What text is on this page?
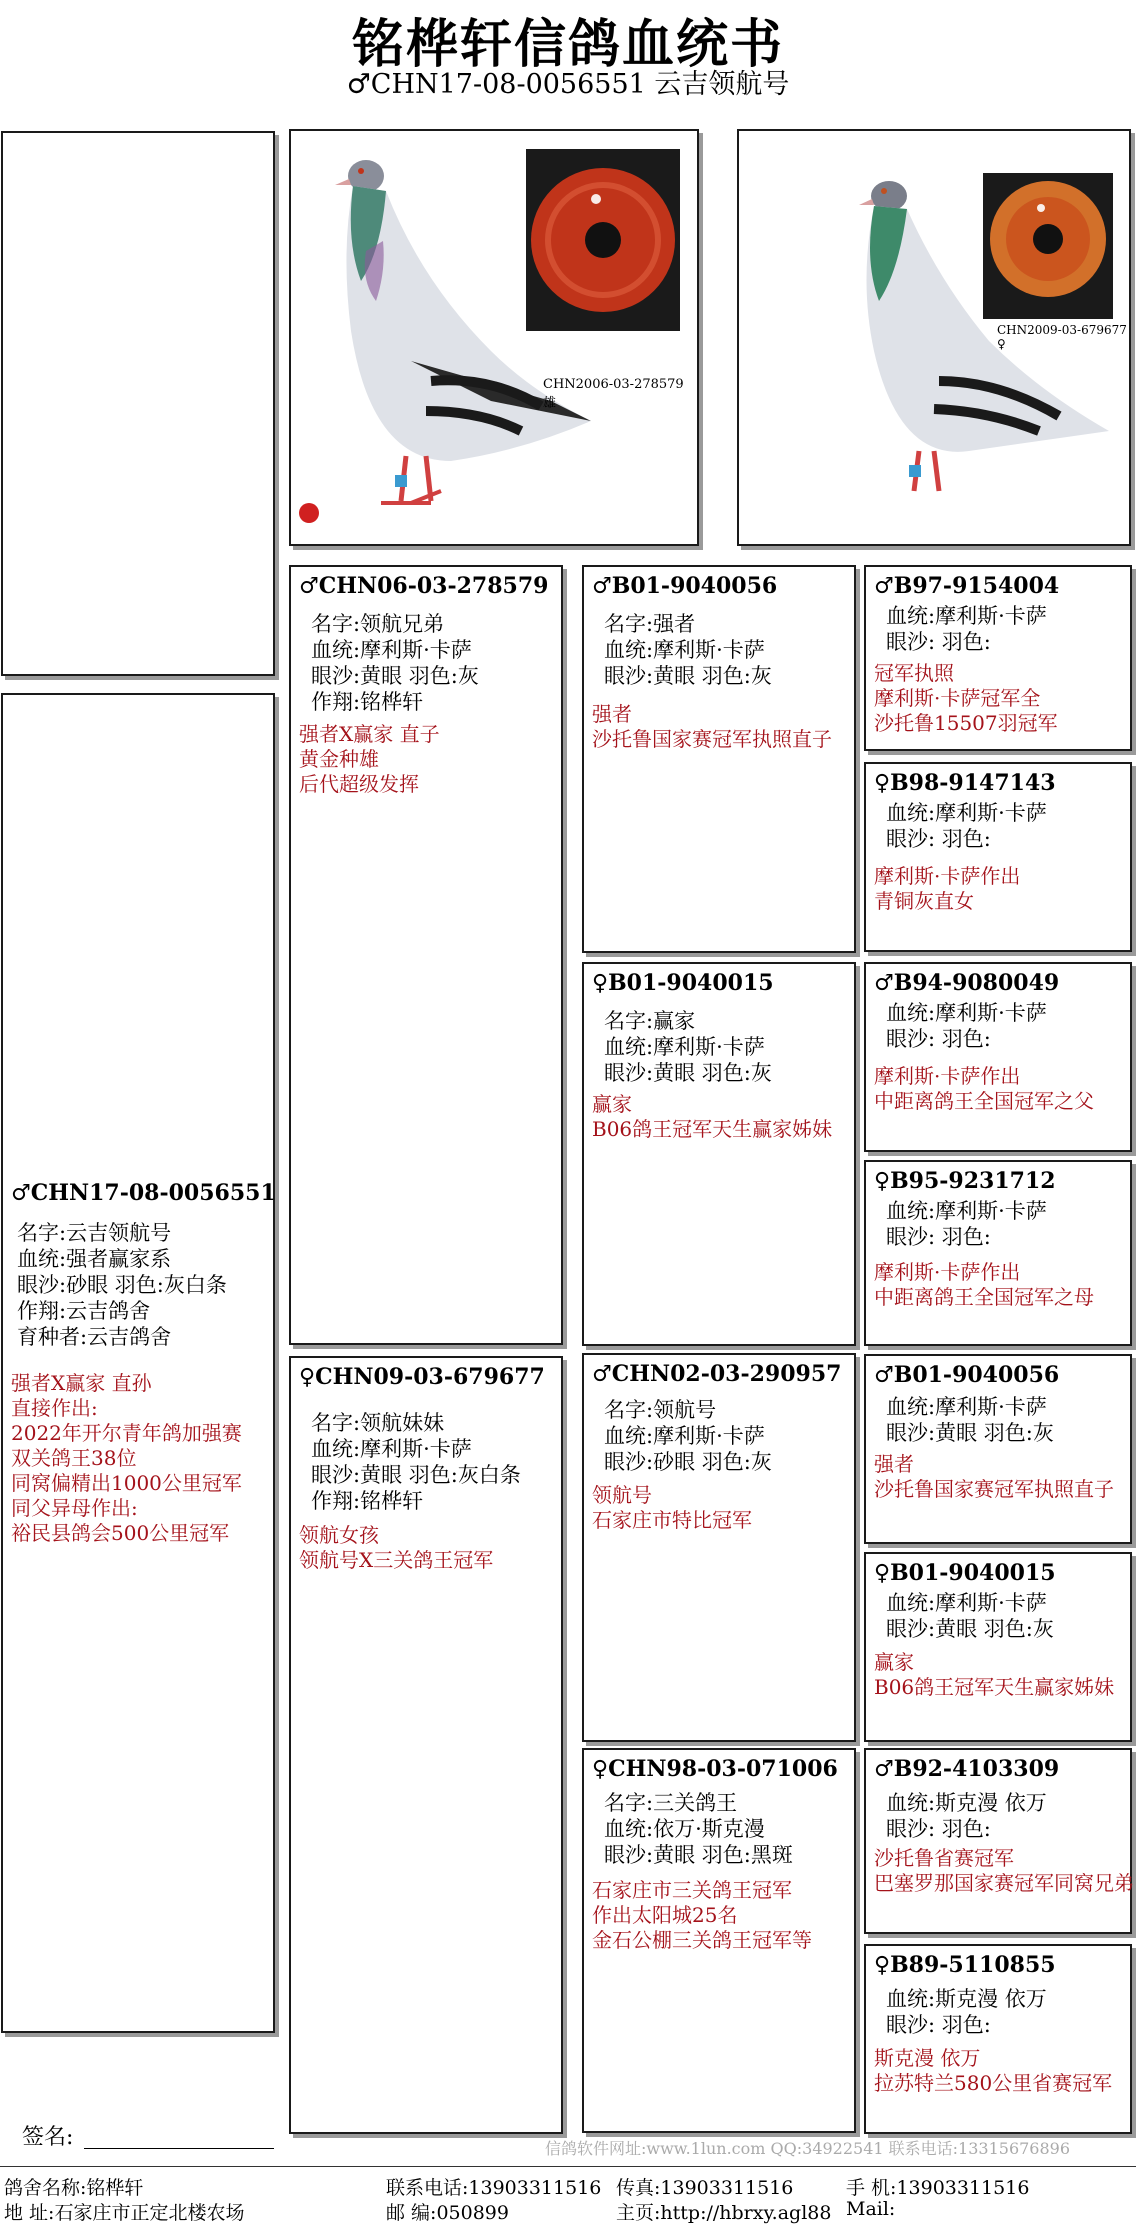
铭桦轩信鸽血统书
♂CHN17-08-0056551 云吉领航号
CHN2006-03-278579 雄
CHN2009-03-679677 ♀
♂CHN17-08-0056551
名字:云吉领航号
血统:强者赢家系
眼沙:砂眼 羽色:灰白条
作翔:云吉鸽舍
育种者:云吉鸽舍
强者X赢家 直孙
直接作出:
2022年开尔青年鸽加强赛
双关鸽王38位
同窝偏精出1000公里冠军
同父异母作出:
裕民县鸽会500公里冠军
♂CHN06-03-278579
名字:领航兄弟
血统:摩利斯·卡萨
眼沙:黄眼 羽色:灰
作翔:铭桦轩
强者X赢家 直子
黄金种雄
后代超级发挥
♀CHN09-03-679677
名字:领航妹妹
血统:摩利斯·卡萨
眼沙:黄眼 羽色:灰白条
作翔:铭桦轩
领航女孩
领航号X三关鸽王冠军
♂B01-9040056
名字:强者
血统:摩利斯·卡萨
眼沙:黄眼 羽色:灰
强者
沙托鲁国家赛冠军执照直子
♀B01-9040015
名字:赢家
血统:摩利斯·卡萨
眼沙:黄眼 羽色:灰
赢家
B06鸽王冠军天生赢家姊妹
♂CHN02-03-290957
名字:领航号
血统:摩利斯·卡萨
眼沙:砂眼 羽色:灰
领航号
石家庄市特比冠军
♀CHN98-03-071006
名字:三关鸽王
血统:依万·斯克漫
眼沙:黄眼 羽色:黑斑
石家庄市三关鸽王冠军
作出太阳城25名
金石公棚三关鸽王冠军等
♂B97-9154004
血统:摩利斯·卡萨
眼沙: 羽色:
冠军执照
摩利斯·卡萨冠军全
沙托鲁15507羽冠军
♀B98-9147143
血统:摩利斯·卡萨
眼沙: 羽色:
摩利斯·卡萨作出
青铜灰直女
♂B94-9080049
血统:摩利斯·卡萨
眼沙: 羽色:
摩利斯·卡萨作出
中距离鸽王全国冠军之父
♀B95-9231712
血统:摩利斯·卡萨
眼沙: 羽色:
摩利斯·卡萨作出
中距离鸽王全国冠军之母
♂B01-9040056
血统:摩利斯·卡萨
眼沙:黄眼 羽色:灰
强者
沙托鲁国家赛冠军执照直子
♀B01-9040015
血统:摩利斯·卡萨
眼沙:黄眼 羽色:灰
赢家
B06鸽王冠军天生赢家姊妹
♂B92-4103309
血统:斯克漫 依万
眼沙: 羽色:
沙托鲁省赛冠军
巴塞罗那国家赛冠军同窝兄弟
♀B89-5110855
血统:斯克漫 依万
眼沙: 羽色:
斯克漫 依万
拉苏特兰580公里省赛冠军
签名:	信鸽软件网址:www.1lun.com QQ:34922541 联系电话:13315676896
鸽舍名称:铭桦轩	联系电话:13903311516 传真:13903311516	手 机:13903311516
地 址:石家庄市正定北楼农场	邮 编:050899	主页:http://hbrxy.agl88 Mail:
